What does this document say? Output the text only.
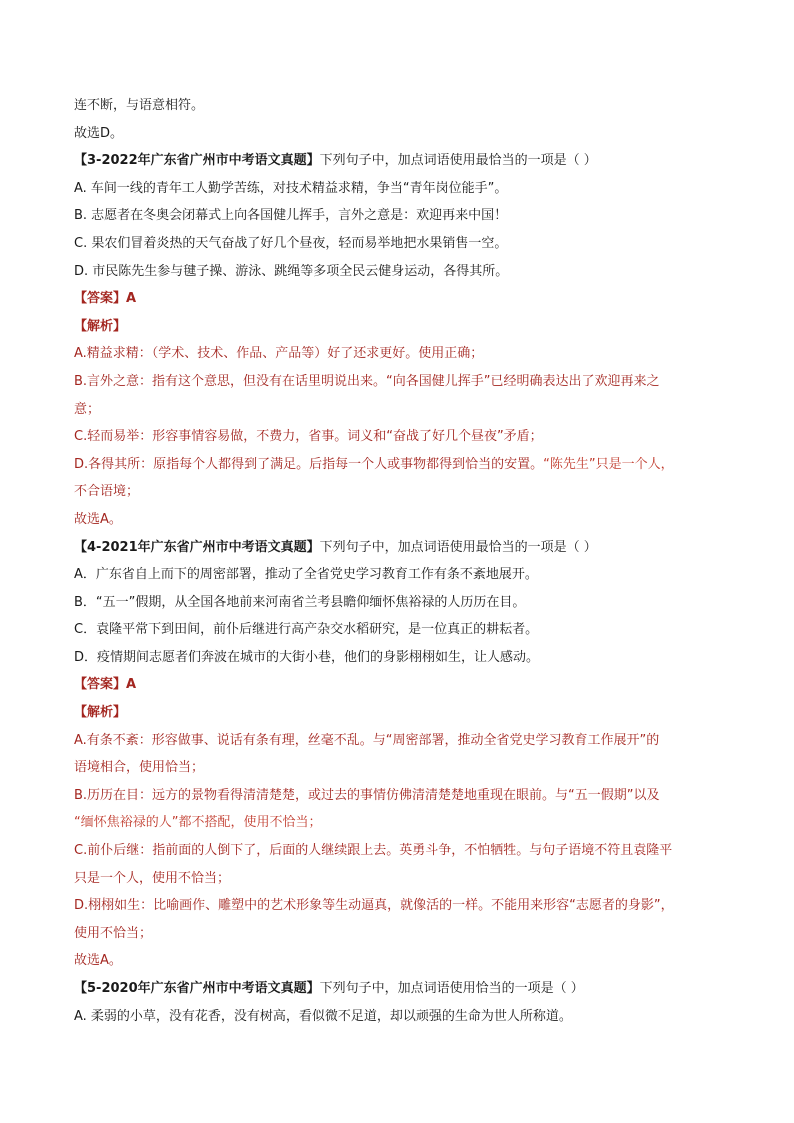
连不断，与语意相符。
故选D。
【3-2022年广东省广州市中考语文真题】下列句子中，加点词语使用最恰当的一项是（ ）
A. 车间一线的青年工人勤学苦练，对技术精益求精，争当“青年岗位能手”。
B. 志愿者在冬奥会闭幕式上向各国健儿挥手，言外之意是：欢迎再来中国！
C. 果农们冒着炎热的天气奋战了好几个昼夜，轻而易举地把水果销售一空。
D. 市民陈先生参与毽子操、游泳、跳绳等多项全民云健身运动，各得其所。
【答案】A
【解析】
A.精益求精：（学术、技术、作品、产品等）好了还求更好。使用正确；
B.言外之意：指有这个意思，但没有在话里明说出来。“向各国健儿挥手”已经明确表达出了欢迎再来之
意；
C.轻而易举：形容事情容易做，不费力，省事。词义和“奋战了好几个昼夜”矛盾；
D.各得其所：原指每个人都得到了满足。后指每一个人或事物都得到恰当的安置。“陈先生”只是一个人，
不合语境；
故选A。
【4-2021年广东省广州市中考语文真题】下列句子中，加点词语使用最恰当的一项是（ ）
A．广东省自上而下的周密部署，推动了全省党史学习教育工作有条不紊地展开。
B．“五一”假期，从全国各地前来河南省兰考县瞻仰缅怀焦裕禄的人历历在目。
C．袁隆平常下到田间，前仆后继进行高产杂交水稻研究，是一位真正的耕耘者。
D．疫情期间志愿者们奔波在城市的大街小巷，他们的身影栩栩如生，让人感动。
【答案】A
【解析】
A.有条不紊：形容做事、说话有条有理，丝毫不乱。与“周密部署，推动全省党史学习教育工作展开”的
语境相合，使用恰当；
B.历历在目：远方的景物看得清清楚楚，或过去的事情仿佛清清楚楚地重现在眼前。与“五一假期”以及
“缅怀焦裕禄的人”都不搭配，使用不恰当；
C.前仆后继：指前面的人倒下了，后面的人继续跟上去。英勇斗争，不怕牺牲。与句子语境不符且袁隆平
只是一个人，使用不恰当；
D.栩栩如生：比喻画作、雕塑中的艺术形象等生动逼真，就像活的一样。不能用来形容“志愿者的身影”，
使用不恰当；
故选A。
【5-2020年广东省广州市中考语文真题】下列句子中，加点词语使用恰当的一项是（ ）
A. 柔弱的小草，没有花香，没有树高，看似微不足道，却以顽强的生命为世人所称道。
